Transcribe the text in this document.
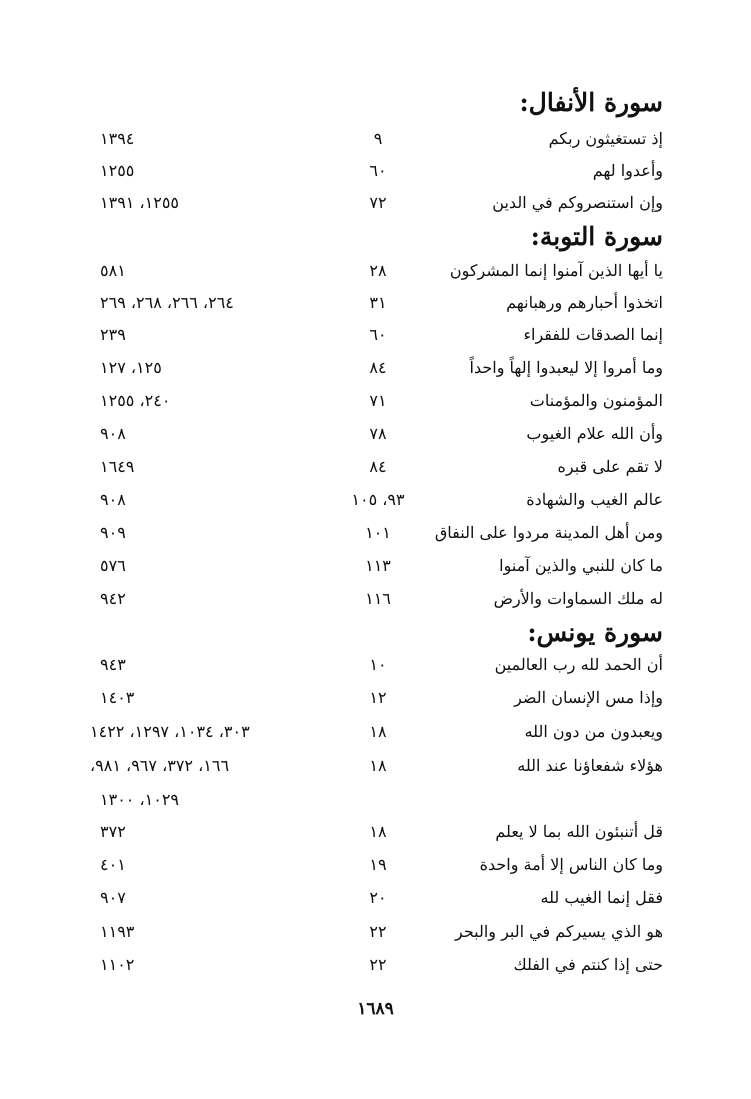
سورة الأنفال:
إذ تستغيثون ربكم
٩
١٣٩٤
وأعدوا لهم
٦٠
١٢٥٥
وإن استنصروكم في الدين
٧٢
١٢٥٥، ١٣٩١
سورة التوبة:
يا أيها الذين آمنوا إنما المشركون
٢٨
٥٨١
اتخذوا أحبارهم ورهبانهم
٣١
٢٦٤، ٢٦٦، ٢٦٨، ٢٦٩
إنما الصدقات للفقراء
٦٠
٢٣٩
وما أمروا إلا ليعبدوا إلهاً واحداً
٨٤
١٢٥، ١٢٧
المؤمنون والمؤمنات
٧١
٢٤٠، ١٢٥٥
وأن الله علام الغيوب
٧٨
٩٠٨
لا تقم على قبره
٨٤
١٦٤٩
عالم الغيب والشهادة
٩٣، ١٠٥
٩٠٨
ومن أهل المدينة مردوا على النفاق
١٠١
٩٠٩
ما كان للنبي والذين آمنوا
١١٣
٥٧٦
له ملك السماوات والأرض
١١٦
٩٤٢
سورة يونس:
أن الحمد لله رب العالمين
١٠
٩٤٣
وإذا مس الإنسان الضر
١٢
١٤٠٣
ويعبدون من دون الله
١٨
٣٠٣، ١٠٣٤، ١٢٩٧، ١٤٢٢
هؤلاء شفعاؤنا عند الله
١٨
١٦٦، ٣٧٢، ٩٦٧، ٩٨١،
١٠٢٩، ١٣٠٠
قل أتنبئون الله بما لا يعلم
١٨
٣٧٢
وما كان الناس إلا أمة واحدة
١٩
٤٠١
فقل إنما الغيب لله
٢٠
٩٠٧
هو الذي يسيركم في البر والبحر
٢٢
١١٩٣
حتى إذا كنتم في الفلك
٢٢
١١٠٢
١٦٨٩
